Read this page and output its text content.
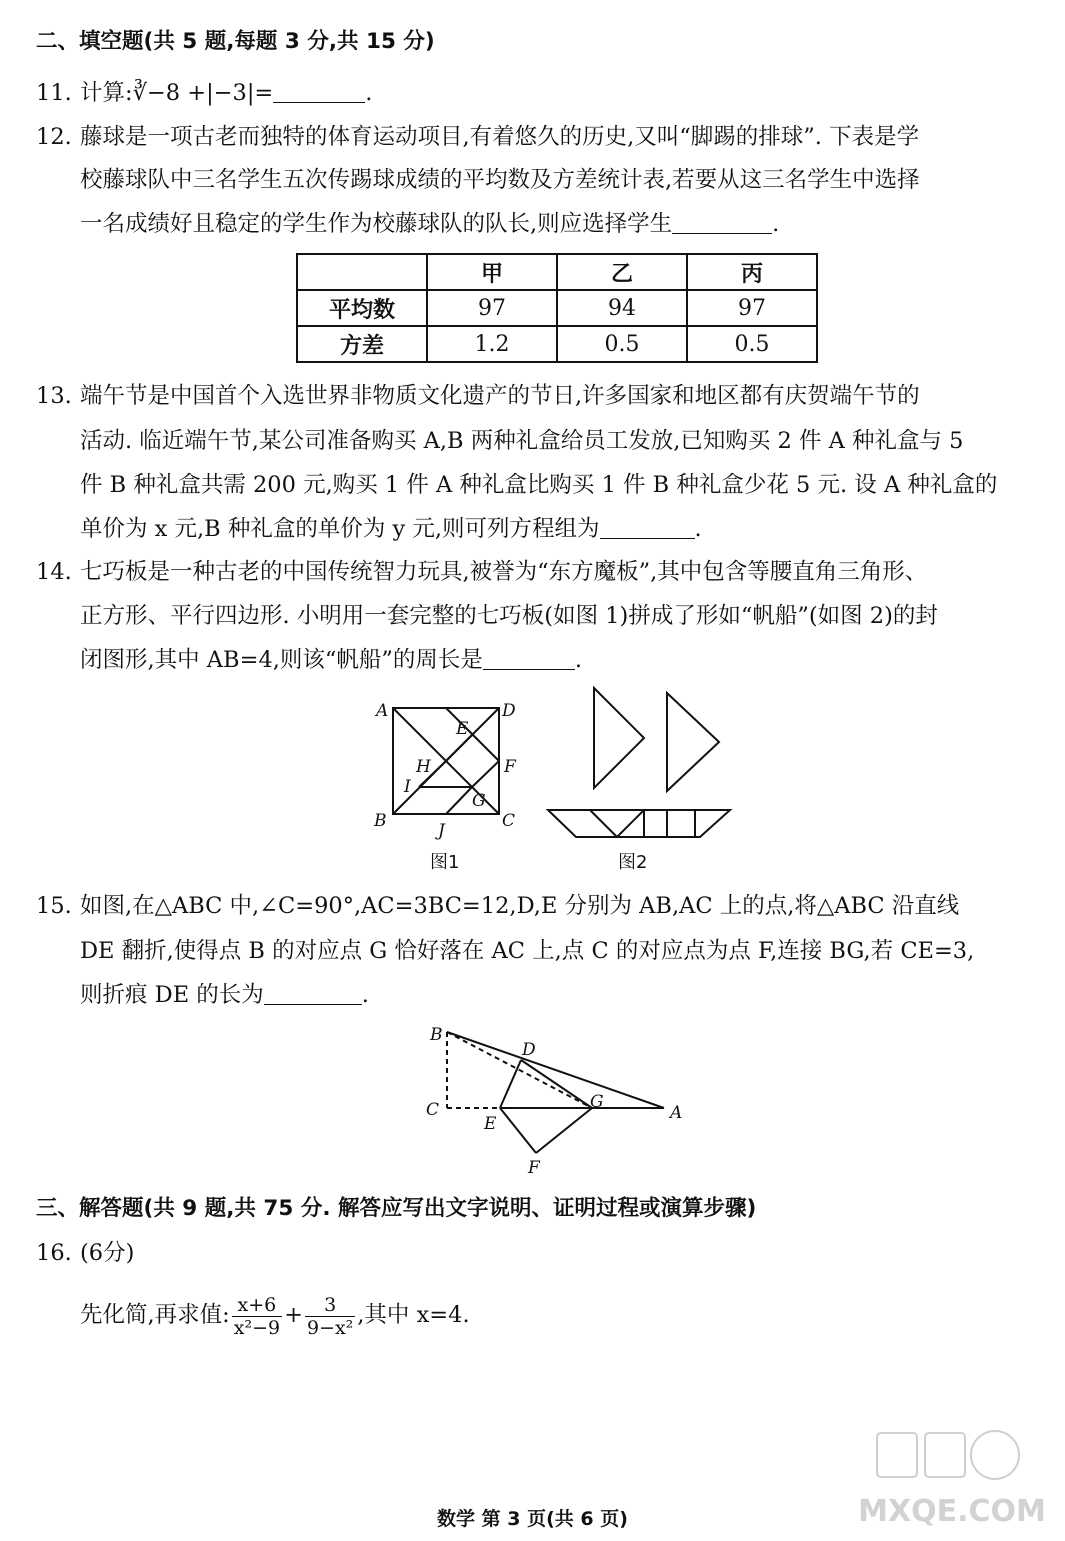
二、填空题(共 5 题,每题 3 分,共 15 分)
11. 计算:∛−8 +|−3|=	.
12. 藤球是一项古老而独特的体育运动项目,有着悠久的历史,又叫“脚踢的排球”. 下表是学
校藤球队中三名学生五次传踢球成绩的平均数及方差统计表,若要从这三名学生中选择
一名成绩好且稳定的学生作为校藤球队的队长,则应选择学生	.
	甲	乙	丙
平均数	97	94	97
方差	1.2	0.5	0.5
13. 端午节是中国首个入选世界非物质文化遗产的节日,许多国家和地区都有庆贺端午节的
活动. 临近端午节,某公司准备购买 A,B 两种礼盒给员工发放,已知购买 2 件 A 种礼盒与 5
件 B 种礼盒共需 200 元,购买 1 件 A 种礼盒比购买 1 件 B 种礼盒少花 5 元. 设 A 种礼盒的
单价为 x 元,B 种礼盒的单价为 y 元,则可列方程组为	.
14. 七巧板是一种古老的中国传统智力玩具,被誉为“东方魔板”,其中包含等腰直角三角形、
正方形、平行四边形. 小明用一套完整的七巧板(如图 1)拼成了形如“帆船”(如图 2)的封
闭图形,其中 AB=4,则该“帆船”的周长是	.
A	D
E
H	F
I
G
B	J	C
图1	图2
15. 如图,在△ABC 中,∠C=90°,AC=3BC=12,D,E 分别为 AB,AC 上的点,将△ABC 沿直线
DE 翻折,使得点 B 的对应点 G 恰好落在 AC 上,点 C 的对应点为点 F,连接 BG,若 CE=3,
则折痕 DE 的长为	.
B
D
C
E
G
A
F
三、解答题(共 9 题,共 75 分. 解答应写出文字说明、证明过程或演算步骤)
16. (6分)
先化简,再求值: $\frac{x+6}{\text{x²−9}} + \frac{3}{\text{9−x²}}$ ,其中 x=4.
MXQE.COM
数学 第 3 页(共 6 页)
